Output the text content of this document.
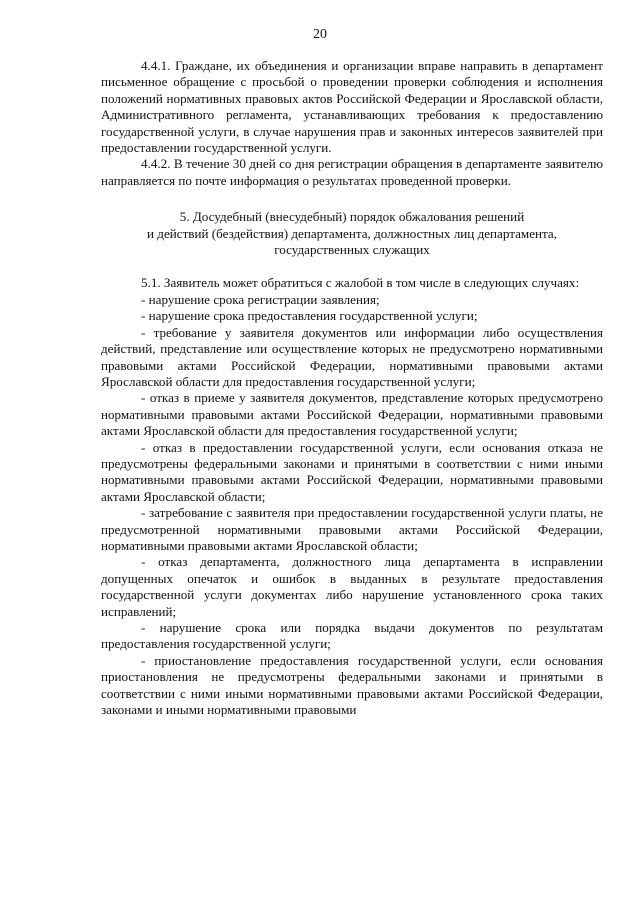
20

4.4.1. Граждане, их объединения и организации вправе направить в департамент письменное обращение с просьбой о проведении проверки соблюдения и исполнения положений нормативных правовых актов Российской Федерации и Ярославской области, Административного регламента, устанавливающих требования к предоставлению государственной услуги, в случае нарушения прав и законных интересов заявителей при предоставлении государственной услуги.

4.4.2. В течение 30 дней со дня регистрации обращения в департаменте заявителю направляется по почте информация о результатах проведенной проверки.

5. Досудебный (внесудебный) порядок обжалования решений

и действий (бездействия) департамента, должностных лиц департамента,

государственных служащих

5.1. Заявитель может обратиться с жалобой в том числе в следующих случаях:

- нарушение срока регистрации заявления;

- нарушение срока предоставления государственной услуги;

- требование у заявителя документов или информации либо осуществления действий, представление или осуществление которых не предусмотрено нормативными правовыми актами Российской Федерации, нормативными правовыми актами Ярославской области для предоставления государственной услуги;

- отказ в приеме у заявителя документов, представление которых предусмотрено нормативными правовыми актами Российской Федерации, нормативными правовыми актами Ярославской области для предоставления государственной услуги;

- отказ в предоставлении государственной услуги, если основания отказа не предусмотрены федеральными законами и принятыми в соответствии с ними иными нормативными правовыми актами Российской Федерации, нормативными правовыми актами Ярославской области;

- затребование с заявителя при предоставлении государственной услуги платы, не предусмотренной нормативными правовыми актами Российской Федерации, нормативными правовыми актами Ярославской области;

- отказ департамента, должностного лица департамента в исправлении допущенных опечаток и ошибок в выданных в результате предоставления государственной услуги документах либо нарушение установленного срока таких исправлений;

- нарушение срока или порядка выдачи документов по результатам предоставления государственной услуги;

- приостановление предоставления государственной услуги, если основания приостановления не предусмотрены федеральными законами и принятыми в соответствии с ними иными нормативными правовыми актами Российской Федерации, законами и иными нормативными правовыми
